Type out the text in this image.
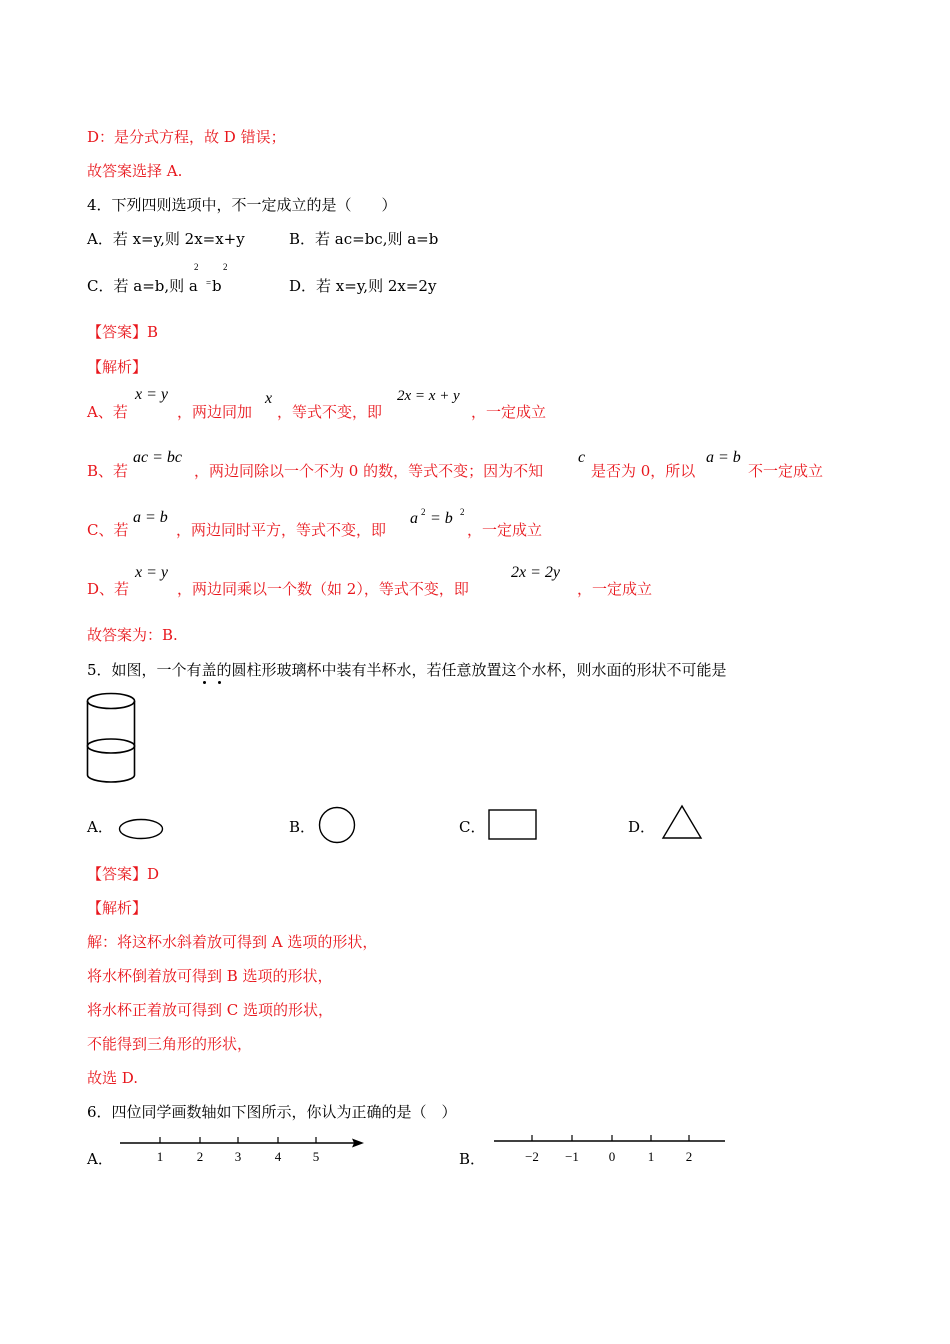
D：是分式方程，故 D 错误；
故答案选择 A.
4．下列四则选项中，不一定成立的是（　　）
A．若 x=y,则 2x=x+y	B．若 ac=bc,则 a=b
C．若 a=b,则 a
2
= b
2
D．若 x=y,则 2x=2y
【答案】B
【解析】
A、若
x = y
，两边同加
x
，等式不变，即
2x = x + y
，一定成立
B、若
ac = bc
，两边同除以一个不为 0 的数，等式不变；因为不知
c
是否为 0，所以
a = b
不一定成立
C、若
a = b
，两边同时平方，等式不变，即
a 2 = b 2
，一定成立
D、若
x = y
，两边同乘以一个数（如 2），等式不变，即
2x = 2y
，一定成立
故答案为：B.
5．如图，一个有盖的圆柱形玻璃杯中装有半杯水，若任意放置这个水杯，则水面的形状不可能是
A．	B．	C．	D．
【答案】D
【解析】
解：将这杯水斜着放可得到 A 选项的形状，
将水杯倒着放可得到 B 选项的形状，
将水杯正着放可得到 C 选项的形状，
不能得到三角形的形状，
故选 D.
6．四位同学画数轴如下图所示，你认为正确的是（　）
A．	1	2 3	4 5	B．	−2 −1 0	1 2
